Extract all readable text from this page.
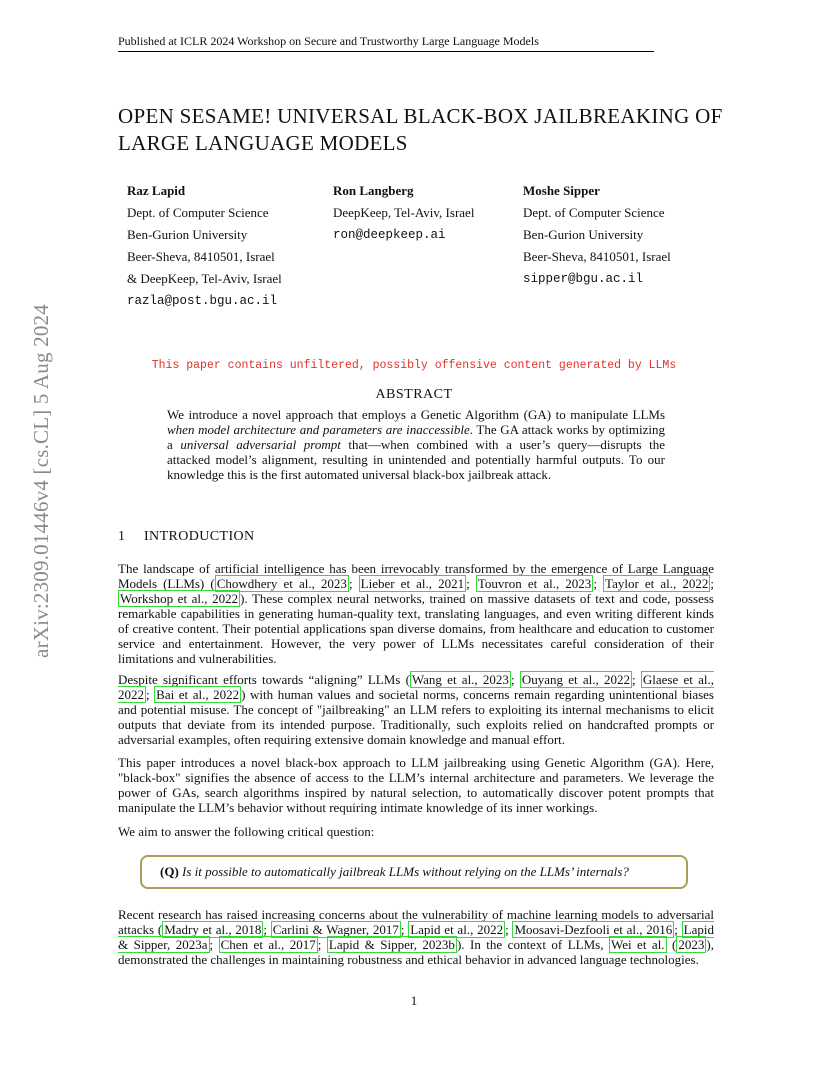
Published at ICLR 2024 Workshop on Secure and Trustworthy Large Language Models
arXiv:2309.01446v4 [cs.CL] 5 Aug 2024
OPEN SESAME! UNIVERSAL BLACK-BOX JAILBREAKING OF
LARGE LANGUAGE MODELS
Raz Lapid
Dept. of Computer Science
Ben-Gurion University
Beer-Sheva, 8410501, Israel
& DeepKeep, Tel-Aviv, Israel
razla@post.bgu.ac.il
Ron Langberg
DeepKeep, Tel-Aviv, Israel
ron@deepkeep.ai
Moshe Sipper
Dept. of Computer Science
Ben-Gurion University
Beer-Sheva, 8410501, Israel
sipper@bgu.ac.il
This paper contains unfiltered, possibly offensive content generated by LLMs
ABSTRACT
We introduce a novel approach that employs a Genetic Algorithm (GA) to manipulate LLMs when model architecture and parameters are inaccessible. The GA attack works by optimizing a universal adversarial prompt that—when combined with a user’s query—disrupts the attacked model’s alignment, resulting in unintended and potentially harmful outputs. To our knowledge this is the first automated universal black-box jailbreak attack.
1 INTRODUCTION
The landscape of artificial intelligence has been irrevocably transformed by the emergence of Large Language Models (LLMs) ( Chowdhery et al., 2023 ; Lieber et al., 2021 ; Touvron et al., 2023 ; Taylor et al., 2022 ; Workshop et al., 2022 ). These complex neural networks, trained on massive datasets of text and code, possess remarkable capabilities in generating human-quality text, translating languages, and even writing different kinds of creative content. Their potential applications span diverse domains, from healthcare and education to customer service and entertainment. However, the very power of LLMs necessitates careful consideration of their limitations and vulnerabilities.
Despite significant efforts towards “aligning” LLMs ( Wang et al., 2023 ; Ouyang et al., 2022 ; Glaese et al., 2022 ; Bai et al., 2022 ) with human values and societal norms, concerns remain regarding unintentional biases and potential misuse. The concept of "jailbreaking" an LLM refers to exploiting its internal mechanisms to elicit outputs that deviate from its intended purpose. Traditionally, such exploits relied on handcrafted prompts or adversarial examples, often requiring extensive domain knowledge and manual effort.
This paper introduces a novel black-box approach to LLM jailbreaking using Genetic Algorithm (GA). Here, "black-box" signifies the absence of access to the LLM’s internal architecture and parameters. We leverage the power of GAs, search algorithms inspired by natural selection, to automatically discover potent prompts that manipulate the LLM’s behavior without requiring intimate knowledge of its inner workings.
We aim to answer the following critical question:
(Q) Is it possible to automatically jailbreak LLMs without relying on the LLMs’ internals?
Recent research has raised increasing concerns about the vulnerability of machine learning models to adversarial attacks ( Madry et al., 2018 ; Carlini & Wagner, 2017 ; Lapid et al., 2022 ; Moosavi-Dezfooli et al., 2016 ; Lapid & Sipper, 2023a ; Chen et al., 2017 ; Lapid & Sipper, 2023b ). In the context of LLMs, Wei et al. ( 2023 ), demonstrated the challenges in maintaining robustness and ethical behavior in advanced language technologies.
1
